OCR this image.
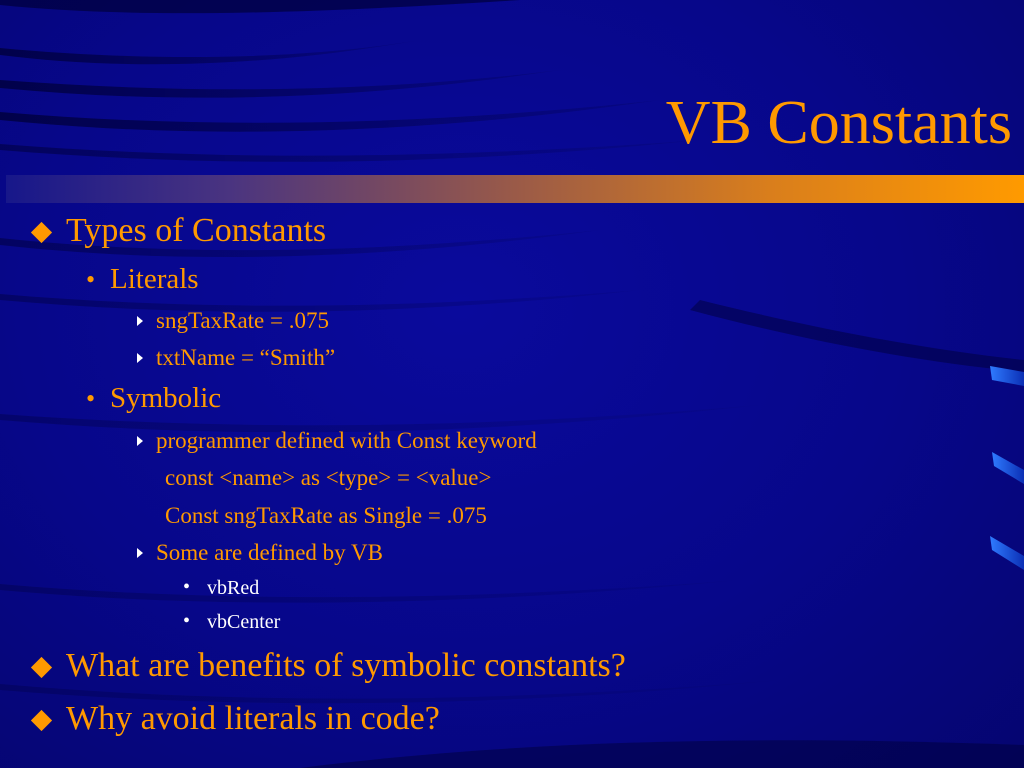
VB Constants
Types of Constants
• Literals
sngTaxRate = .075
txtName = “Smith”
• Symbolic
programmer defined with Const keyword
const <name> as <type> = <value>
Const sngTaxRate as Single = .075
Some are defined by VB
• vbRed
• vbCenter
What are benefits of symbolic constants?
Why avoid literals in code?
